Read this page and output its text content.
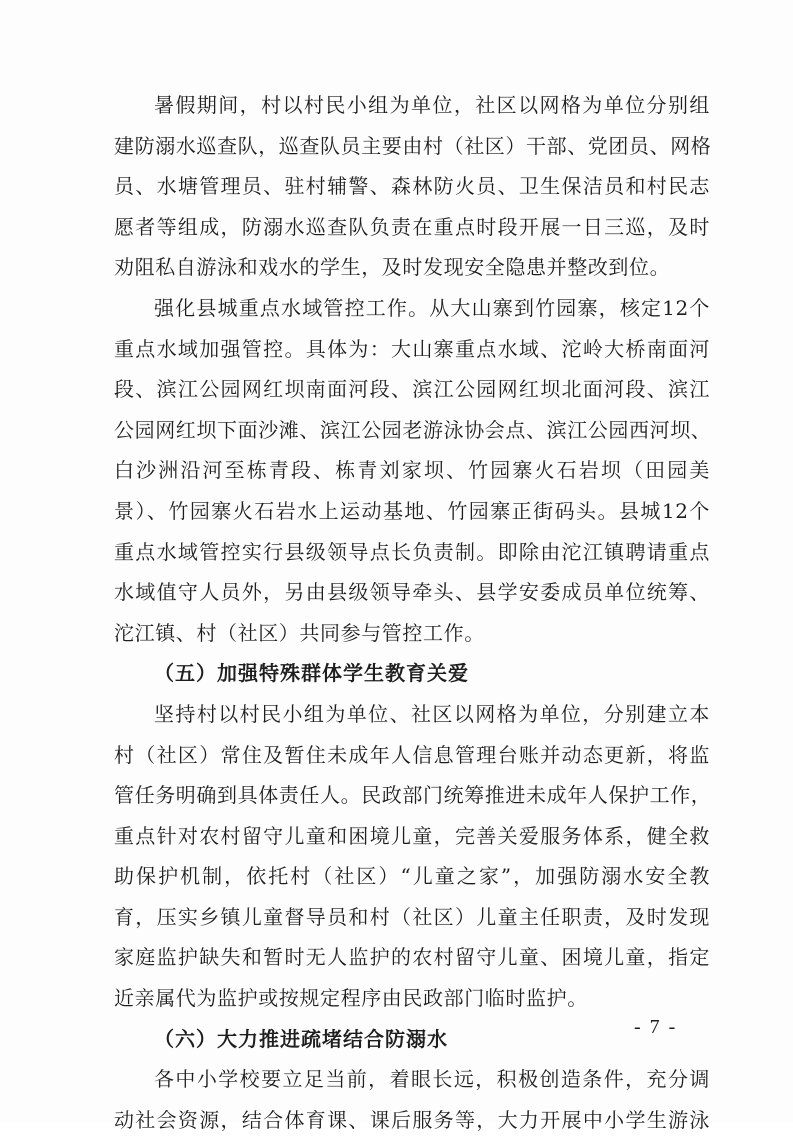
暑假期间，村以村民小组为单位，社区以网格为单位分别组
建防溺水巡查队，巡查队员主要由村（社区）干部、党团员、网格
员、水塘管理员、驻村辅警、森林防火员、卫生保洁员和村民志
愿者等组成，防溺水巡查队负责在重点时段开展一日三巡，及时
劝阻私自游泳和戏水的学生，及时发现安全隐患并整改到位。
强化县城重点水域管控工作。从大山寨到竹园寨，核定12个
重点水域加强管控。具体为：大山寨重点水域、沱岭大桥南面河
段、滨江公园网红坝南面河段、滨江公园网红坝北面河段、滨江
公园网红坝下面沙滩、滨江公园老游泳协会点、滨江公园西河坝、
白沙洲沿河至栋青段、栋青刘家坝、竹园寨火石岩坝（田园美
景）、竹园寨火石岩水上运动基地、竹园寨正街码头。县城12个
重点水域管控实行县级领导点长负责制。即除由沱江镇聘请重点
水域值守人员外，另由县级领导牵头、县学安委成员单位统筹、
沱江镇、村（社区）共同参与管控工作。
（五）加强特殊群体学生教育关爱
坚持村以村民小组为单位、社区以网格为单位，分别建立本
村（社区）常住及暂住未成年人信息管理台账并动态更新，将监
管任务明确到具体责任人。民政部门统筹推进未成年人保护工作，
重点针对农村留守儿童和困境儿童，完善关爱服务体系，健全救
助保护机制，依托村（社区）“儿童之家”，加强防溺水安全教
育，压实乡镇儿童督导员和村（社区）儿童主任职责，及时发现
家庭监护缺失和暂时无人监护的农村留守儿童、困境儿童，指定
近亲属代为监护或按规定程序由民政部门临时监护。
（六）大力推进疏堵结合防溺水
各中小学校要立足当前，着眼长远，积极创造条件，充分调
动社会资源，结合体育课、课后服务等，大力开展中小学生游泳
- 7 -
